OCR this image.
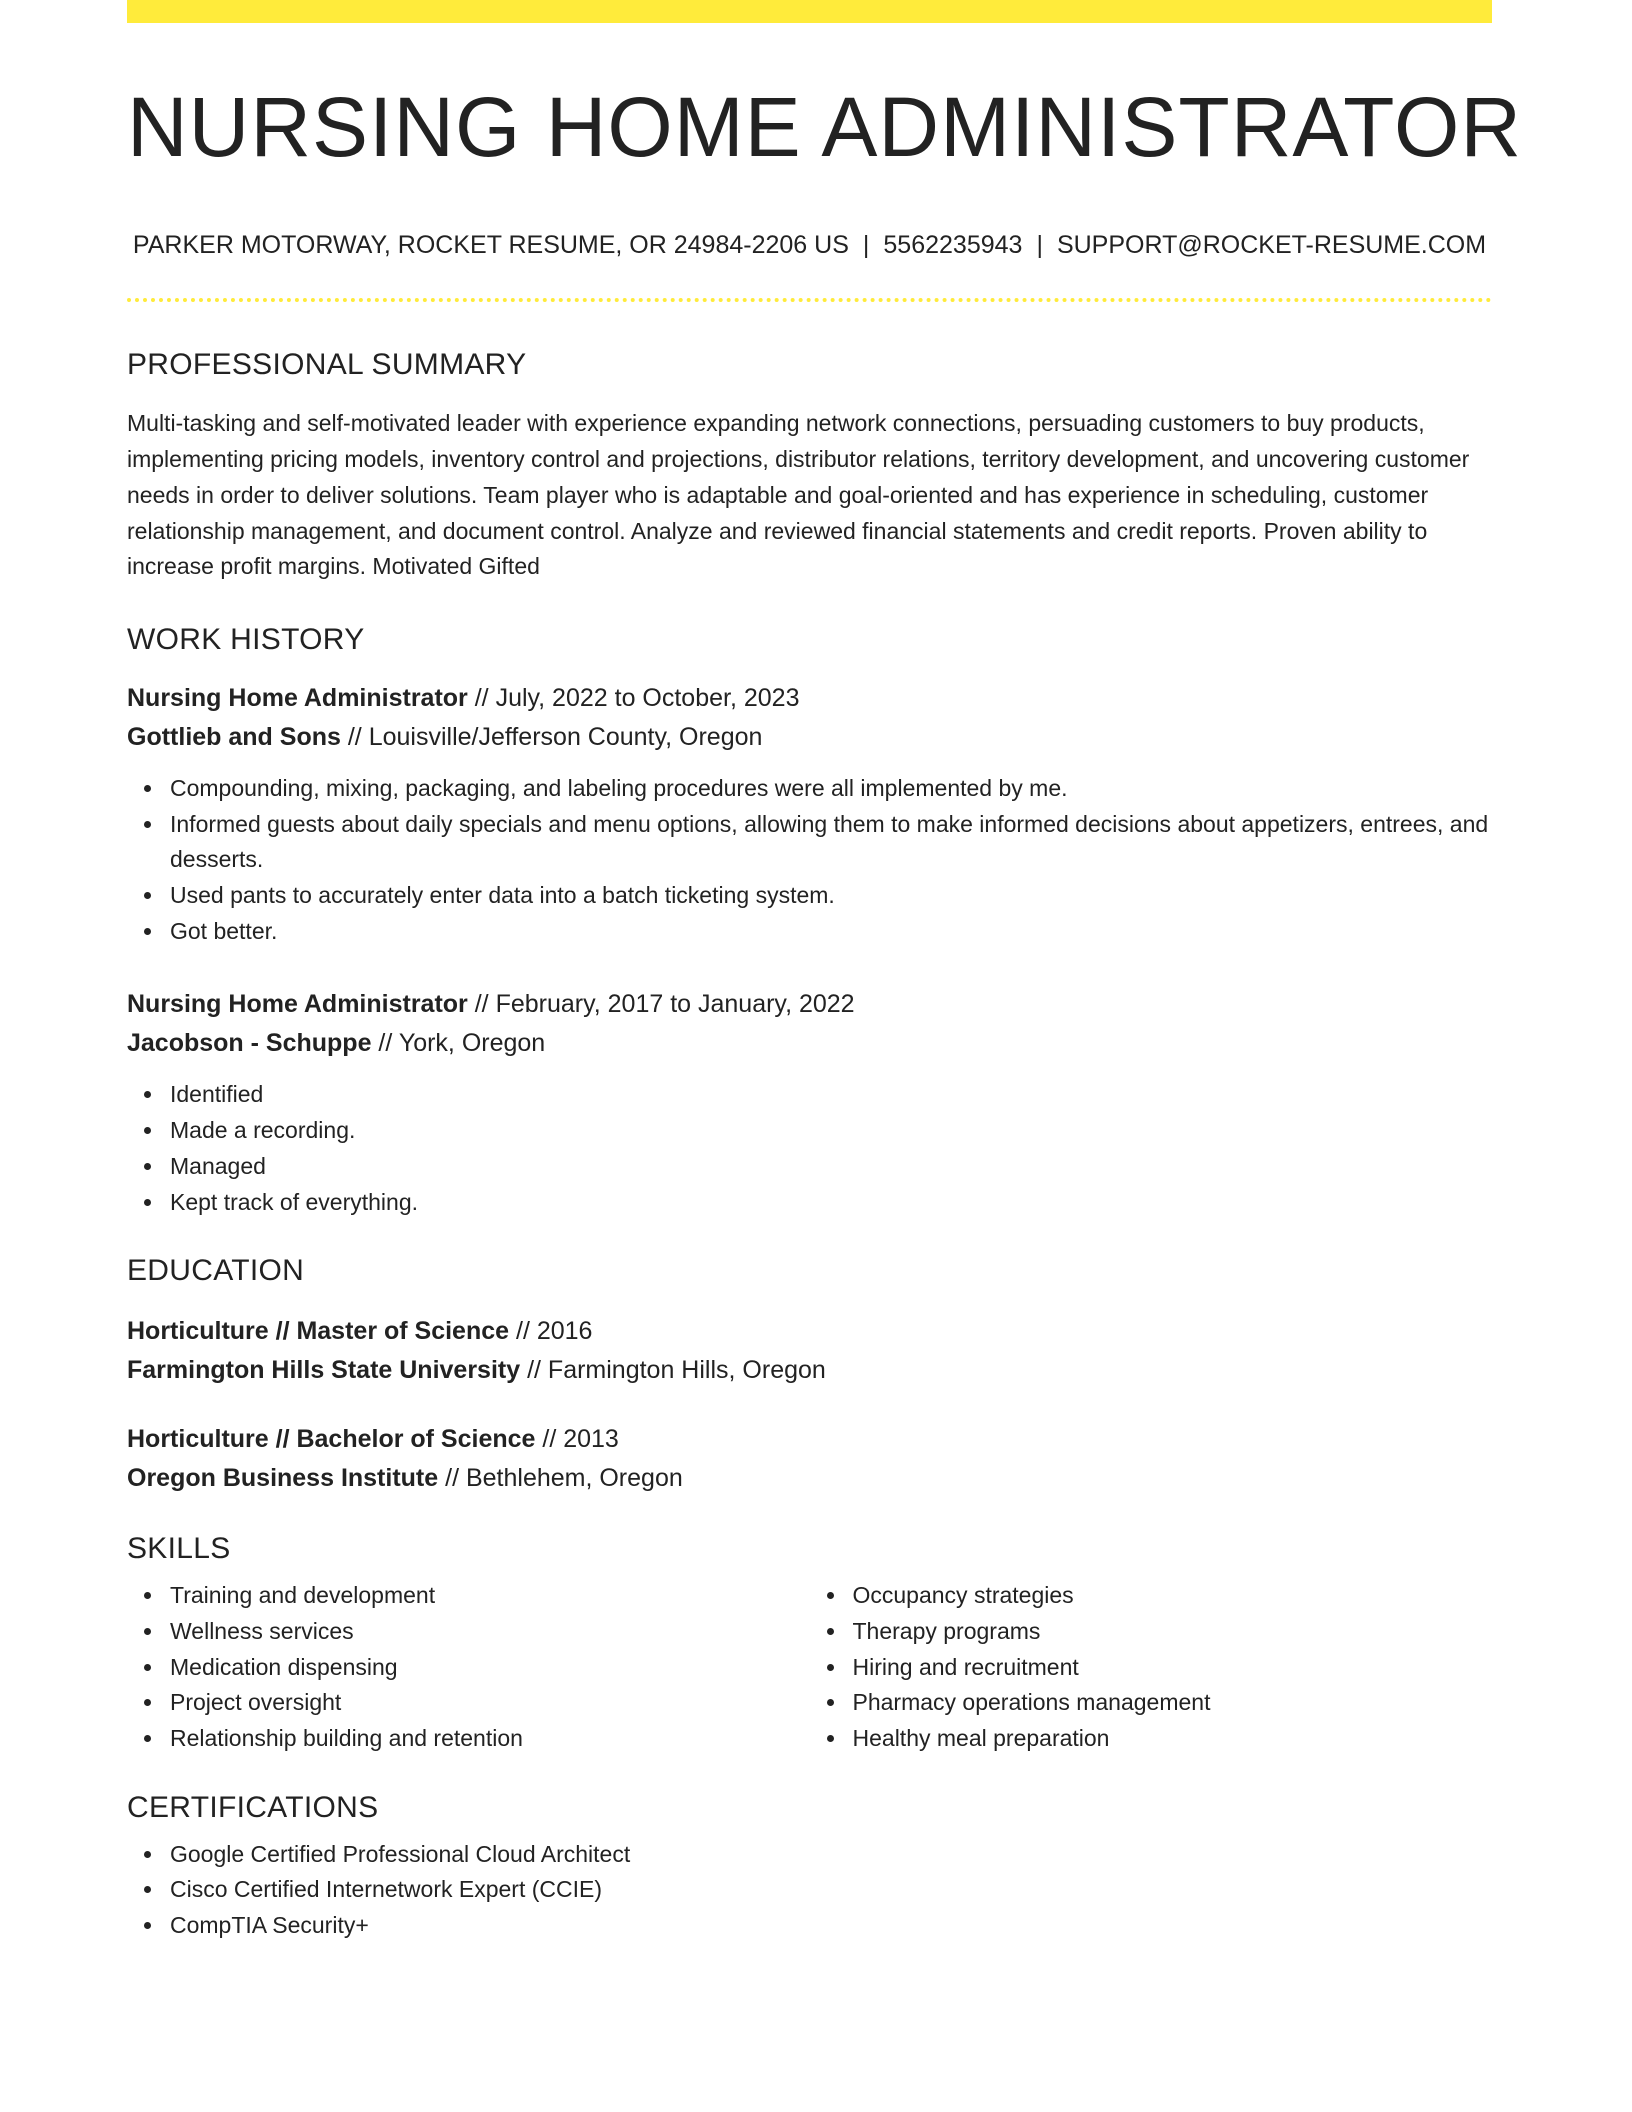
NURSING HOME ADMINISTRATOR
PARKER MOTORWAY, ROCKET RESUME, OR 24984-2206 US | 5562235943 | SUPPORT@ROCKET-RESUME.COM
PROFESSIONAL SUMMARY
Multi-tasking and self-motivated leader with experience expanding network connections, persuading customers to buy products, implementing pricing models, inventory control and projections, distributor relations, territory development, and uncovering customer needs in order to deliver solutions. Team player who is adaptable and goal-oriented and has experience in scheduling, customer relationship management, and document control. Analyze and reviewed financial statements and credit reports. Proven ability to increase profit margins. Motivated Gifted
WORK HISTORY
Nursing Home Administrator // July, 2022 to October, 2023
Gottlieb and Sons // Louisville/Jefferson County, Oregon
Compounding, mixing, packaging, and labeling procedures were all implemented by me.
Informed guests about daily specials and menu options, allowing them to make informed decisions about appetizers, entrees, and desserts.
Used pants to accurately enter data into a batch ticketing system.
Got better.
Nursing Home Administrator // February, 2017 to January, 2022
Jacobson - Schuppe // York, Oregon
Identified
Made a recording.
Managed
Kept track of everything.
EDUCATION
Horticulture // Master of Science // 2016
Farmington Hills State University // Farmington Hills, Oregon
Horticulture // Bachelor of Science // 2013
Oregon Business Institute // Bethlehem, Oregon
SKILLS
Training and development
Wellness services
Medication dispensing
Project oversight
Relationship building and retention
Occupancy strategies
Therapy programs
Hiring and recruitment
Pharmacy operations management
Healthy meal preparation
CERTIFICATIONS
Google Certified Professional Cloud Architect
Cisco Certified Internetwork Expert (CCIE)
CompTIA Security+
